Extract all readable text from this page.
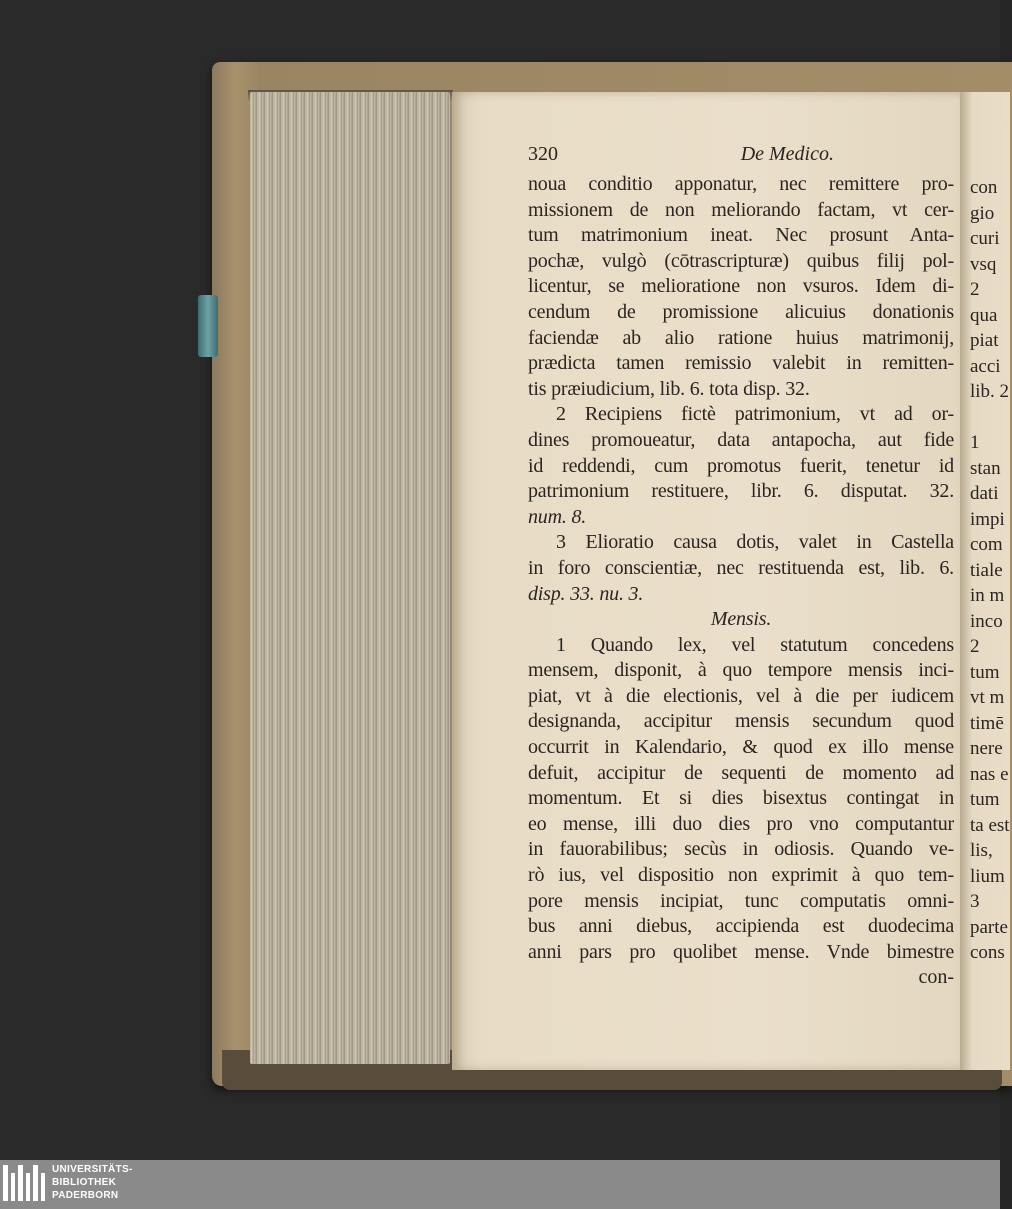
320	De Medico.
noua conditio apponatur, nec remittere pro-
missionem de non meliorando factam, vt cer-
tum matrimonium ineat. Nec prosunt Anta-
pochæ, vulgò (cōtrascripturæ) quibus filij pol-
licentur, se melioratione non vsuros. Idem di-
cendum de promissione alicuius donationis
faciendæ ab alio ratione huius matrimonij,
prædicta tamen remissio valebit in remitten-
tis præiudicium, lib. 6. tota disp. 32.
2 Recipiens fictè patrimonium, vt ad or-
dines promoueatur, data antapocha, aut fide
id reddendi, cum promotus fuerit, tenetur id
patrimonium restituere, libr. 6. disputat. 32.
num. 8.
3 Elioratio causa dotis, valet in Castella
in foro conscientiæ, nec restituenda est, lib. 6.
disp. 33. nu. 3.
Mensis.
1 Quando lex, vel statutum concedens
mensem, disponit, à quo tempore mensis inci-
piat, vt à die electionis, vel à die per iudicem
designanda, accipitur mensis secundum quod
occurrit in Kalendario, & quod ex illo mense
defuit, accipitur de sequenti de momento ad
momentum. Et si dies bisextus contingat in
eo mense, illi duo dies pro vno computantur
in fauorabilibus; secùs in odiosis. Quando ve-
rò ius, vel dispositio non exprimit à quo tem-
pore mensis incipiat, tunc computatis omni-
bus anni diebus, accipienda est duodecima
anni pars pro quolibet mense. Vnde bimestre
con-
con
gio
curi
vsq
2
qua
piat
acci
lib. 2
1
stan
dati
impi
com
tiale
in m
inco
2
tum
vt m
timē
nere
nas e
tum
ta est
lis,
lium
3
parte
cons
UNIVERSITÄTS-
BIBLIOTHEK
PADERBORN
